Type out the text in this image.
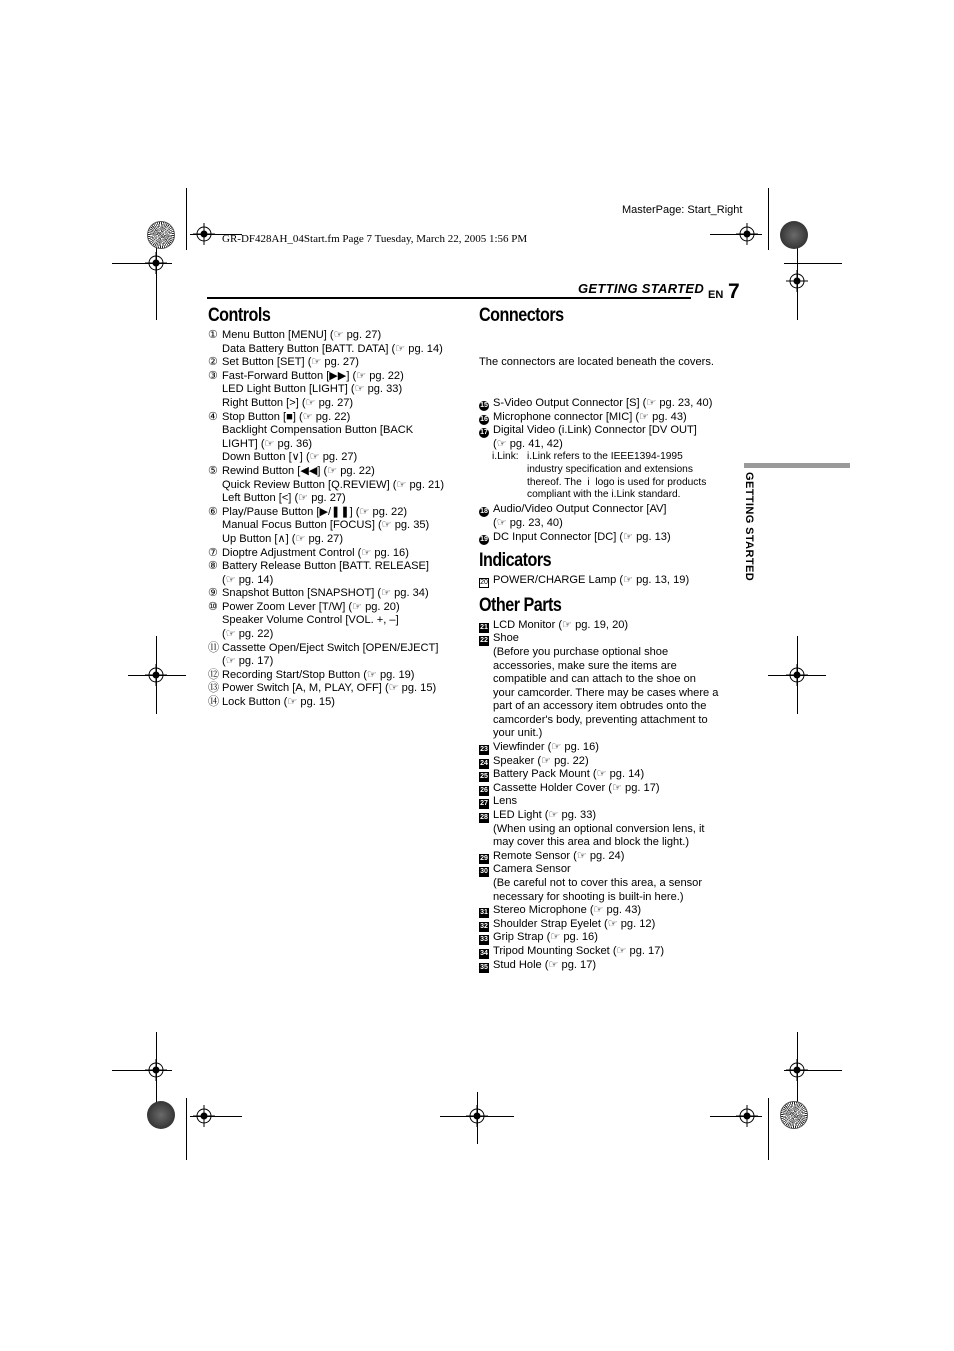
MasterPage: Start_Right
GR-DF428AH_04Start.fm Page 7 Tuesday, March 22, 2005 1:56 PM
GETTING STARTED EN 7
GETTING STARTED
Controls
① Menu Button [MENU] (☞ pg. 27)
Data Battery Button [BATT. DATA] (☞ pg. 14)
② Set Button [SET] (☞ pg. 27)
③ Fast-Forward Button [▶▶] (☞ pg. 22)
LED Light Button [LIGHT] (☞ pg. 33)
Right Button [>] (☞ pg. 27)
④ Stop Button [■] (☞ pg. 22)
Backlight Compensation Button [BACK
LIGHT] (☞ pg. 36)
Down Button [∨] (☞ pg. 27)
⑤ Rewind Button [◀◀] (☞ pg. 22)
Quick Review Button [Q.REVIEW] (☞ pg. 21)
Left Button [<] (☞ pg. 27)
⑥ Play/Pause Button [▶/❚❚] (☞ pg. 22)
Manual Focus Button [FOCUS] (☞ pg. 35)
Up Button [∧] (☞ pg. 27)
⑦ Dioptre Adjustment Control (☞ pg. 16)
⑧ Battery Release Button [BATT. RELEASE]
(☞ pg. 14)
⑨ Snapshot Button [SNAPSHOT] (☞ pg. 34)
⑩ Power Zoom Lever [T/W] (☞ pg. 20)
Speaker Volume Control [VOL. +, –]
(☞ pg. 22)
⑪ Cassette Open/Eject Switch [OPEN/EJECT]
(☞ pg. 17)
⑫ Recording Start/Stop Button (☞ pg. 19)
⑬ Power Switch [A, M, PLAY, OFF] (☞ pg. 15)
⑭ Lock Button (☞ pg. 15)
Connectors

The connectors are located beneath the covers.

15 S-Video Output Connector [S] (☞ pg. 23, 40)
16 Microphone connector [MIC] (☞ pg. 43)
17 Digital Video (i.Link) Connector [DV OUT]
(☞ pg. 41, 42)
i.Link: i.Link refers to the IEEE1394-1995
industry specification and extensions
thereof. The  i  logo is used for products
compliant with the i.Link standard.
18 Audio/Video Output Connector [AV]
(☞ pg. 23, 40)
19 DC Input Connector [DC] (☞ pg. 13)
Indicators
20 POWER/CHARGE Lamp (☞ pg. 13, 19)
Other Parts
21 LCD Monitor (☞ pg. 19, 20)
22 Shoe
(Before you purchase optional shoe
accessories, make sure the items are
compatible and can attach to the shoe on
your camcorder. There may be cases where a
part of an accessory item obtrudes onto the
camcorder's body, preventing attachment to
your unit.)
23 Viewfinder (☞ pg. 16)
24 Speaker (☞ pg. 22)
25 Battery Pack Mount (☞ pg. 14)
26 Cassette Holder Cover (☞ pg. 17)
27 Lens
28 LED Light (☞ pg. 33)
(When using an optional conversion lens, it
may cover this area and block the light.)
29 Remote Sensor (☞ pg. 24)
30 Camera Sensor
(Be careful not to cover this area, a sensor
necessary for shooting is built-in here.)
31 Stereo Microphone (☞ pg. 43)
32 Shoulder Strap Eyelet (☞ pg. 12)
33 Grip Strap (☞ pg. 16)
34 Tripod Mounting Socket (☞ pg. 17)
35 Stud Hole (☞ pg. 17)
